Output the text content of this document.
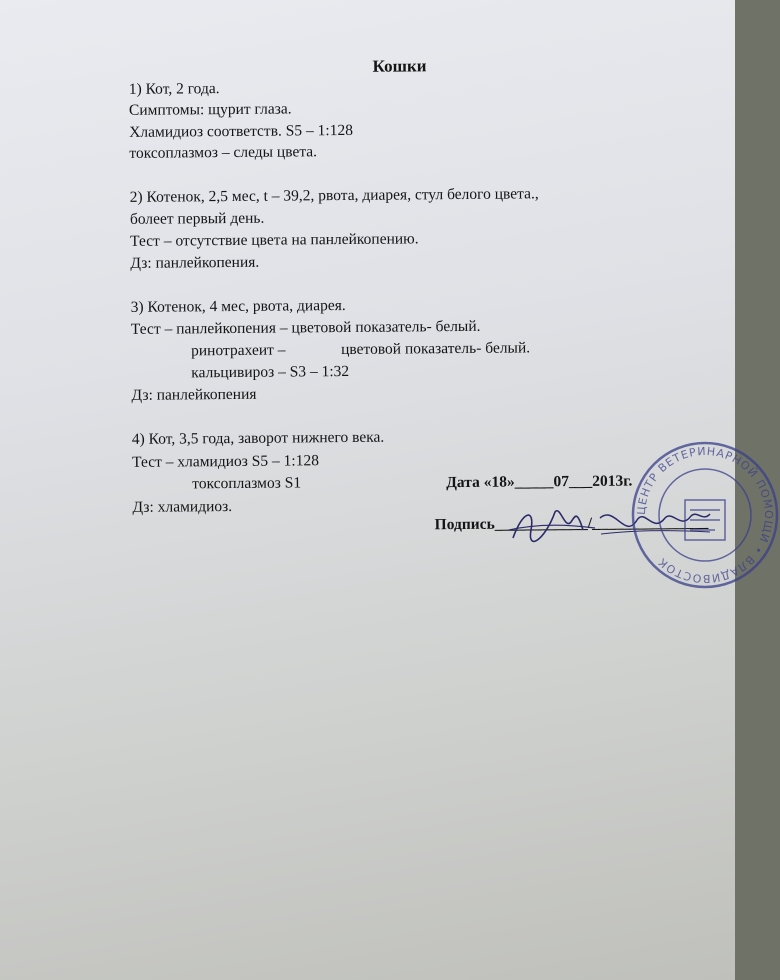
Кошки
1) Кот, 2 года.
Симптомы: щурит глаза.
Хламидиоз соответств. S5 – 1:128
токсоплазмоз – следы цвета.
2) Котенок, 2,5 мес, t – 39,2, рвота, диарея, стул белого цвета.,
болеет первый день.
Тест – отсутствие цвета на панлейкопению.
Дз: панлейкопения.
3) Котенок, 4 мес, рвота, диарея.
Тест – панлейкопения – цветовой показатель- белый.
ринотрахеит –	цветовой показатель- белый.
кальцивироз – S3 – 1:32
Дз: панлейкопения
4) Кот, 3,5 года, заворот нижнего века.
Тест – хламидиоз S5 – 1:128
токсоплазмоз S1
Дз: хламидиоз.
Дата «18»_____07___2013г.
Подпись____________/_______________
ЦЕНТР ВЕТЕРИНАРНОЙ ПОМОЩИ • ВЛАДИВОСТОК
